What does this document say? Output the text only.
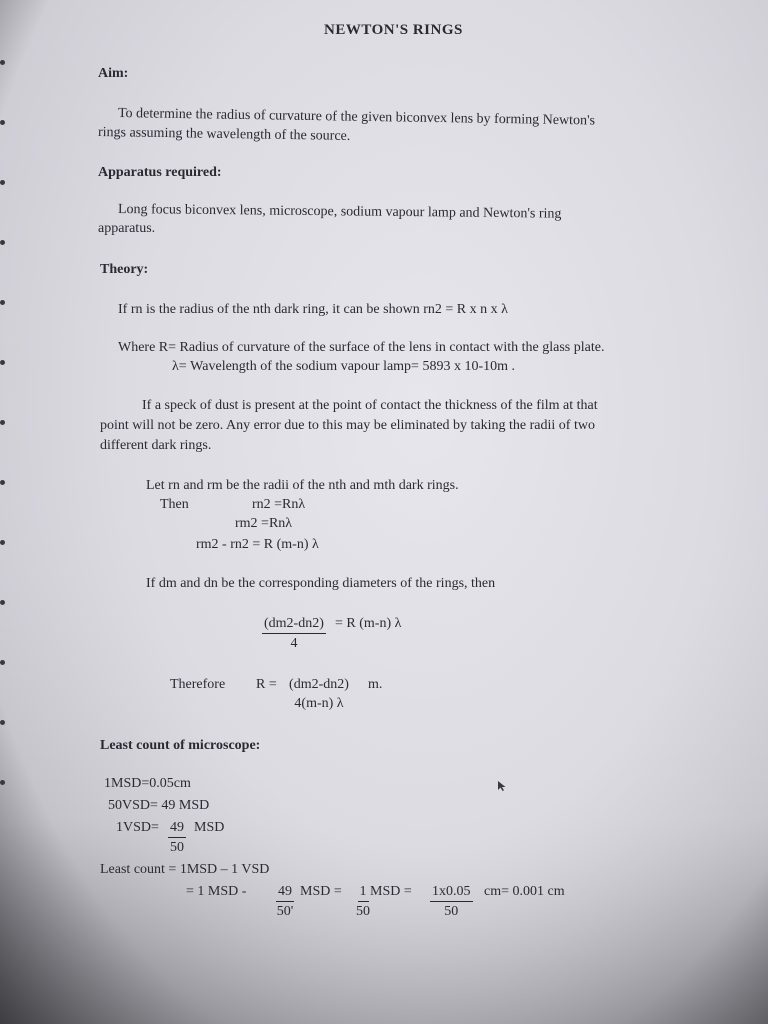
NEWTON'S RINGS
Aim:
To determine the radius of curvature of the given biconvex lens by forming Newton's
rings assuming the wavelength of the source.
Apparatus required:
Long focus biconvex lens, microscope, sodium vapour lamp and Newton's ring
apparatus.
Theory:
If rn is the radius of the nth dark ring, it can be shown rn2 = R x n x λ
Where R= Radius of curvature of the surface of the lens in contact with the glass plate.
λ= Wavelength of the sodium vapour lamp= 5893 x 10-10m .
If a speck of dust is present at the point of contact the thickness of the film at that
point will not be zero. Any error due to this may be eliminated by taking the radii of two
different dark rings.
Let rn and rm be the radii of the nth and mth dark rings.
Then	rn2 =Rnλ
rm2 =Rnλ
rm2 - rn2 = R (m-n) λ
If dm and dn be the corresponding diameters of the rings, then
$\frac{(dm2-dn2)}{4} = R$ (m-n) λ
Therefore R = (dm2-dn2)
4(m-n) λ
m.
Least count of microscope:
1MSD=0.05cm
50VSD= 49 MSD
$1VSD= \frac{49}{50}$ MSD
Least count = 1MSD – 1 VSD
= 1 MSD - $\frac{49}{50'}$ MSD = $\frac{1}{50}$ MSD = $\frac{1x0.05}{50} cm= 0.001$ cm
